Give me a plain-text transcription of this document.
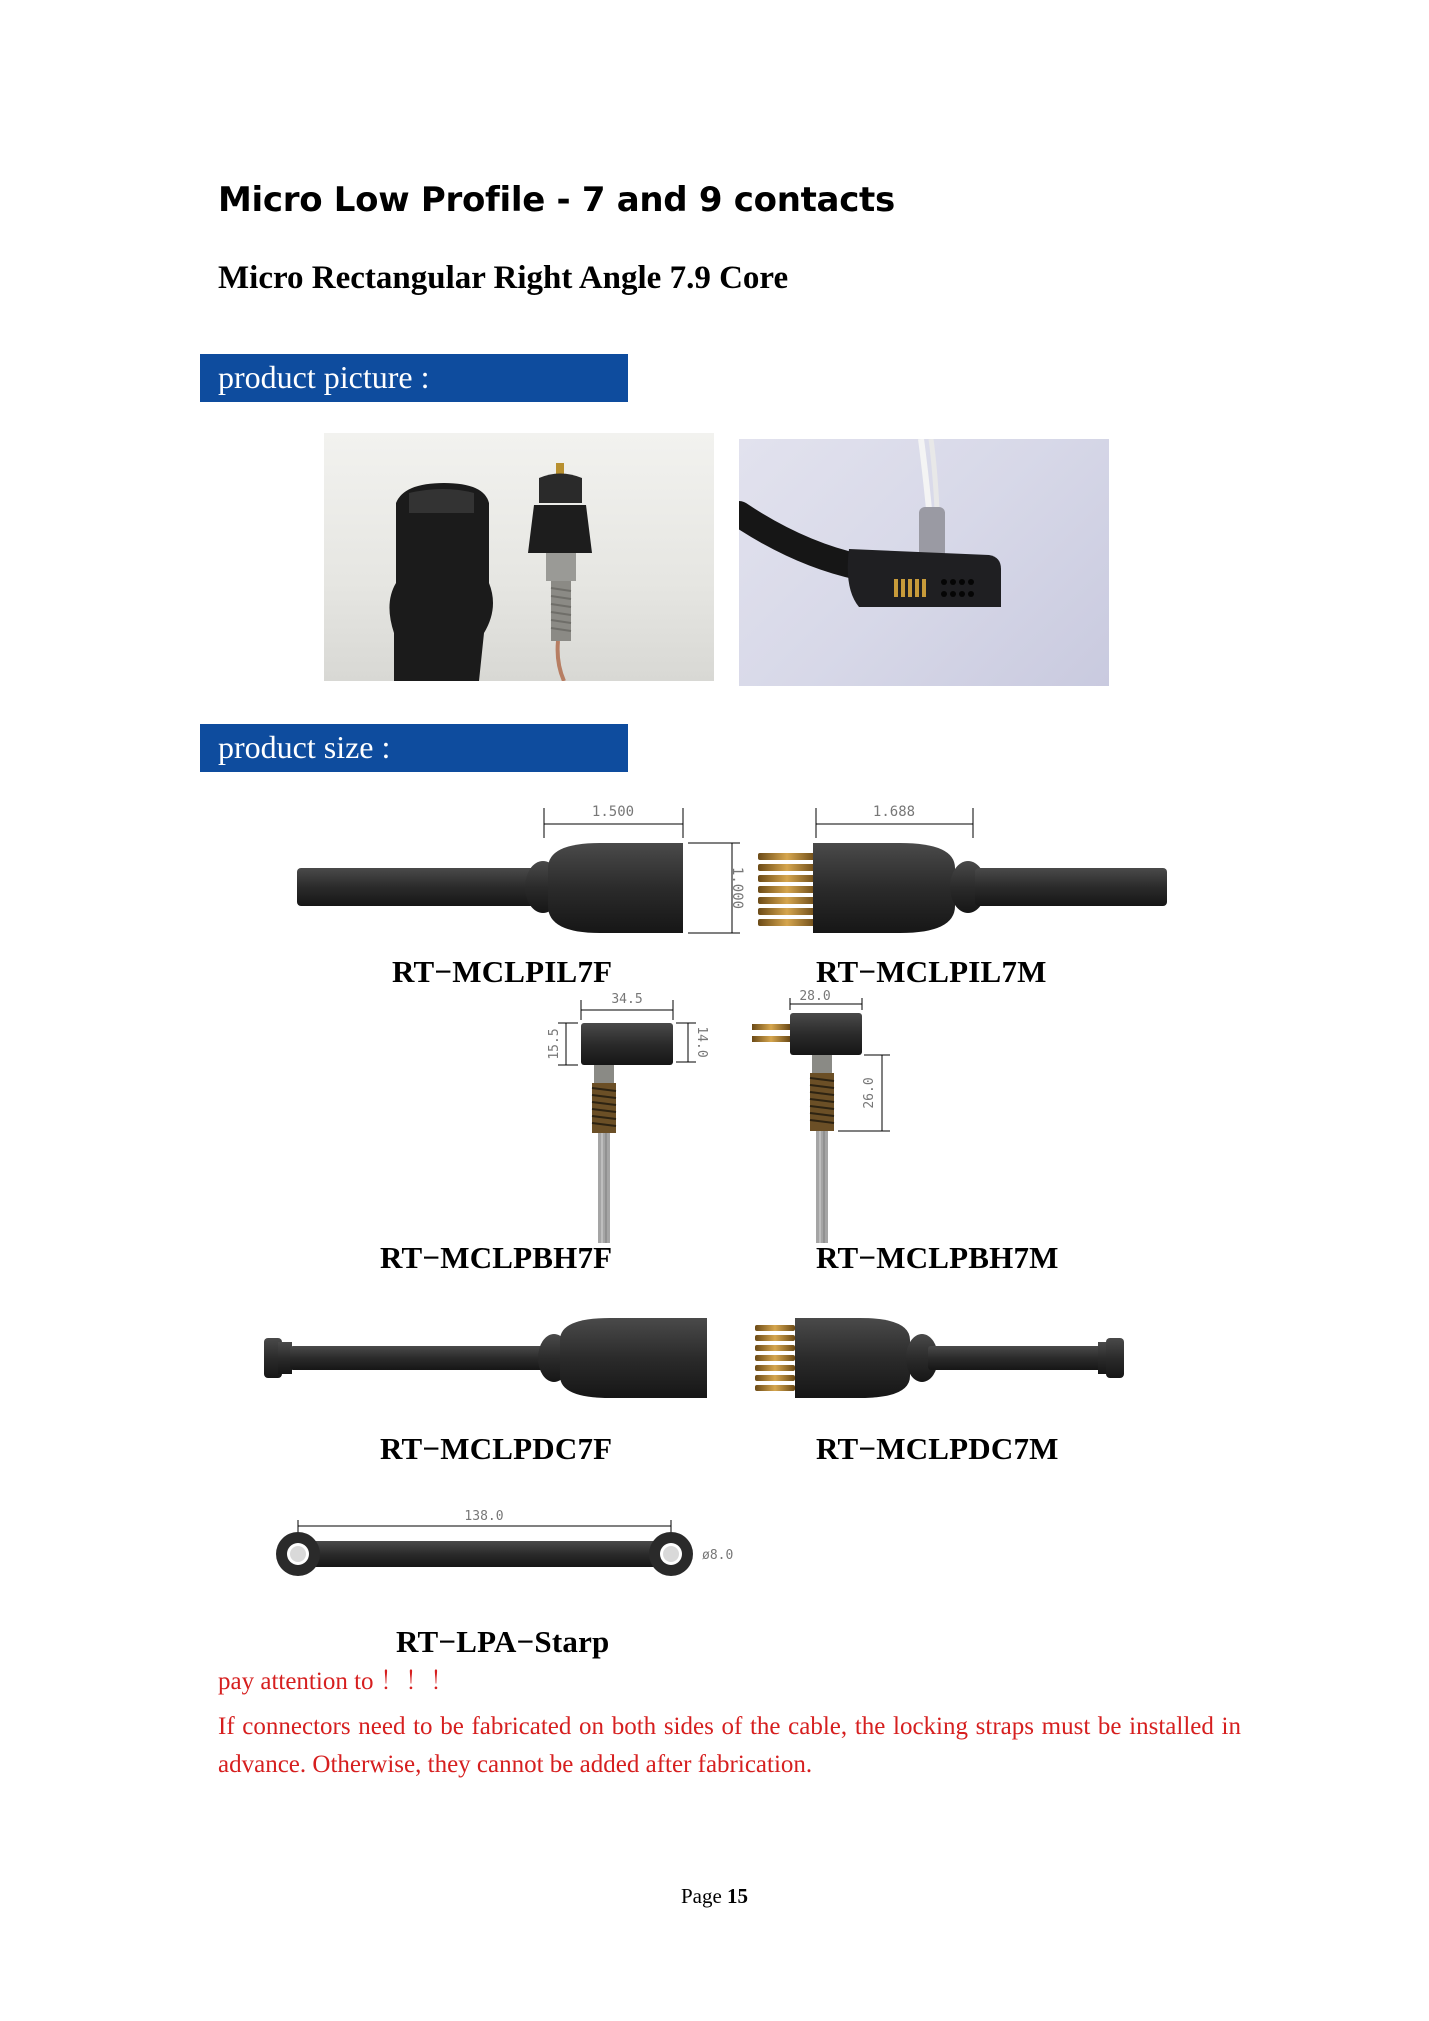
Micro Low Profile - 7 and 9 contacts
Micro Rectangular Right Angle 7.9 Core
product picture :
product size :
1.500
1.000
1.688
34.5
15.5	14.0
28.0
26.0
138.0
ø8.0
RT−MCLPIL7F	RT−MCLPIL7M
RT−MCLPBH7F	RT−MCLPBH7M
RT−MCLPDC7F	RT−MCLPDC7M
RT−LPA−Starp
pay attention to ！！！
If connectors need to be fabricated on both sides of the cable, the locking straps must be installed in advance. Otherwise, they cannot be added after fabrication.
Page 15
